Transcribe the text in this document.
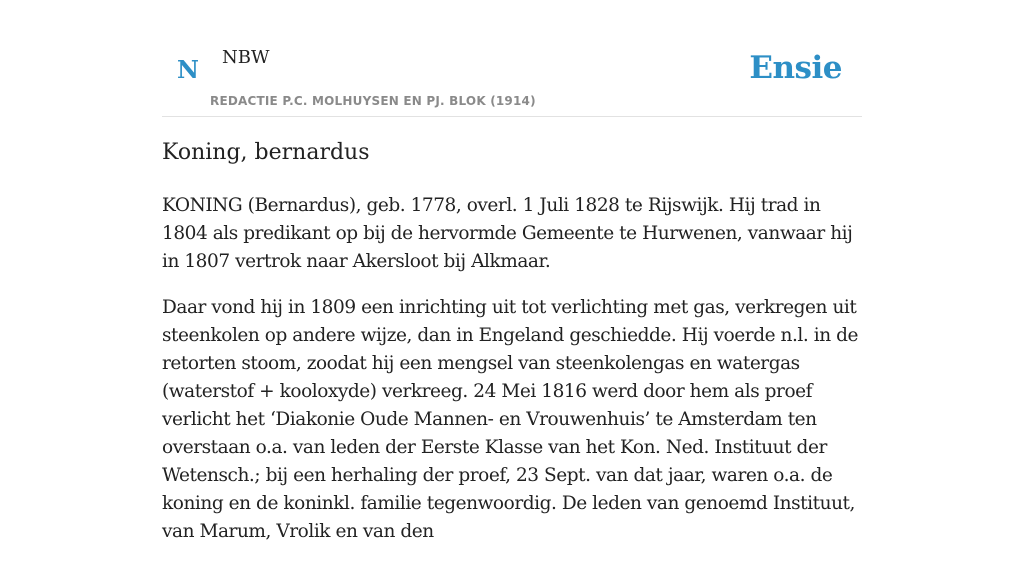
N NBW
REDACTIE P.C. MOLHUYSEN EN PJ. BLOK (1914)
Ensie
Koning, bernardus

KONING (Bernardus), geb. 1778, overl. 1 Juli 1828 te Rijswijk. Hij trad in 1804 als predikant op bij de hervormde Gemeente te Hurwenen, vanwaar hij in 1807 vertrok naar Akersloot bij Alkmaar.

Daar vond hij in 1809 een inrichting uit tot verlichting met gas, verkregen uit steenkolen op andere wijze, dan in Engeland geschiedde. Hij voerde n.l. in de retorten stoom, zoodat hij een mengsel van steenkolengas en watergas (waterstof + kooloxyde) verkreeg. 24 Mei 1816 werd door hem als proef verlicht het ‘Diakonie Oude Mannen- en Vrouwenhuis’ te Amsterdam ten overstaan o.a. van leden der Eerste Klasse van het Kon. Ned. Instituut der Wetensch.; bij een herhaling der proef, 23 Sept. van dat jaar, waren o.a. de koning en de koninkl. familie tegenwoordig. De leden van genoemd Instituut, van Marum, Vrolik en van den
